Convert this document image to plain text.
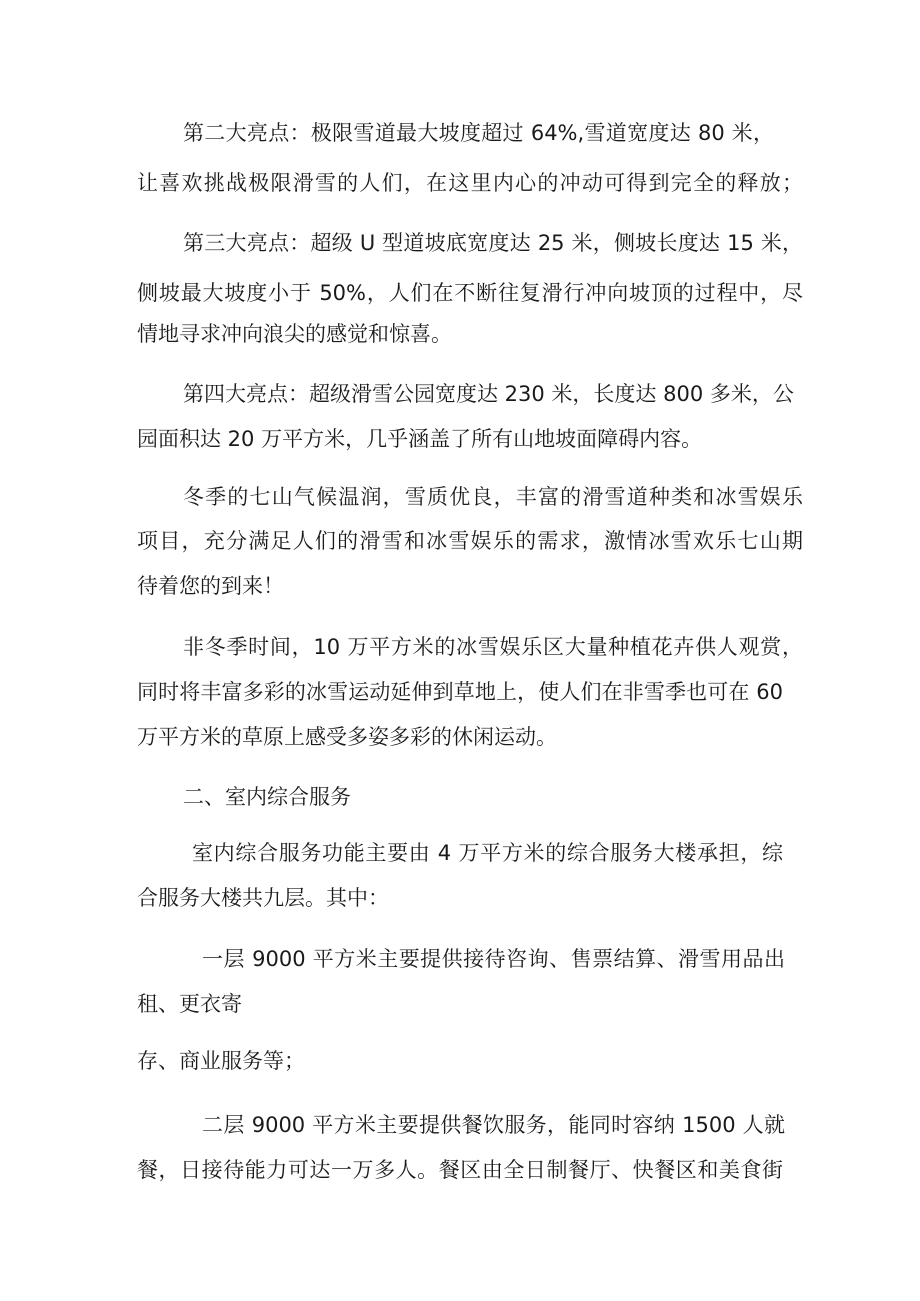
第二大亮点：极限雪道最大坡度超过 64%,雪道宽度达 80 米，
让喜欢挑战极限滑雪的人们，在这里内心的冲动可得到完全的释放；
第三大亮点：超级 U 型道坡底宽度达 25 米，侧坡长度达 15 米，
侧坡最大坡度小于 50%，人们在不断往复滑行冲向坡顶的过程中，尽
情地寻求冲向浪尖的感觉和惊喜。
第四大亮点：超级滑雪公园宽度达 230 米，长度达 800 多米，公
园面积达 20 万平方米，几乎涵盖了所有山地坡面障碍内容。
冬季的七山气候温润，雪质优良，丰富的滑雪道种类和冰雪娱乐
项目，充分满足人们的滑雪和冰雪娱乐的需求，激情冰雪欢乐七山期
待着您的到来！
非冬季时间，10 万平方米的冰雪娱乐区大量种植花卉供人观赏，
同时将丰富多彩的冰雪运动延伸到草地上，使人们在非雪季也可在 60
万平方米的草原上感受多姿多彩的休闲运动。
二、室内综合服务
室内综合服务功能主要由 4 万平方米的综合服务大楼承担，综
合服务大楼共九层。其中：
一层 9000 平方米主要提供接待咨询、售票结算、滑雪用品出
租、更衣寄
存、商业服务等；
二层 9000 平方米主要提供餐饮服务，能同时容纳 1500 人就
餐，日接待能力可达一万多人。餐区由全日制餐厅、快餐区和美食街
